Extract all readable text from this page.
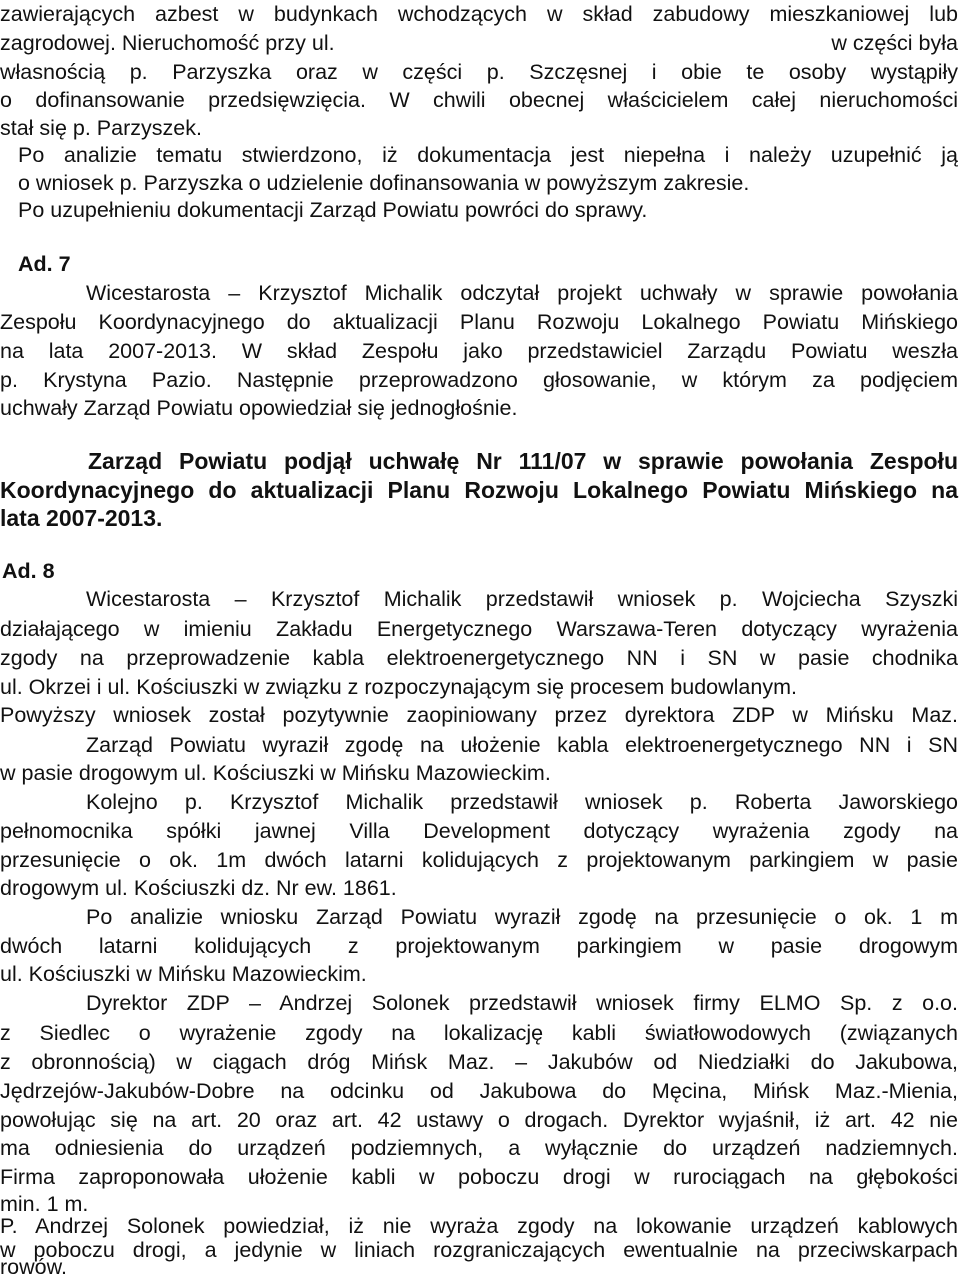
zawierających azbest w budynkach wchodzących w skład zabudowy mieszkaniowej lub
zagrodowej. Nieruchomość przy ul.	w części była
własnością p. Parzyszka oraz w części p. Szczęsnej i obie te osoby wystąpiły
o dofinansowanie przedsięwzięcia. W chwili obecnej właścicielem całej nieruchomości
stał się p. Parzyszek.
Po analizie tematu stwierdzono, iż dokumentacja jest niepełna i należy uzupełnić ją
o wniosek p. Parzyszka o udzielenie dofinansowania w powyższym zakresie.
Po uzupełnieniu dokumentacji Zarząd Powiatu powróci do sprawy.
Ad. 7
Wicestarosta – Krzysztof Michalik odczytał projekt uchwały w sprawie powołania
Zespołu Koordynacyjnego do aktualizacji Planu Rozwoju Lokalnego Powiatu Mińskiego
na lata 2007-2013. W skład Zespołu jako przedstawiciel Zarządu Powiatu weszła
p. Krystyna Pazio. Następnie przeprowadzono głosowanie, w którym za podjęciem
uchwały Zarząd Powiatu opowiedział się jednogłośnie.
Zarząd Powiatu podjął uchwałę Nr 111/07 w sprawie powołania Zespołu
Koordynacyjnego do aktualizacji Planu Rozwoju Lokalnego Powiatu Mińskiego na
lata 2007-2013.
Ad. 8
Wicestarosta – Krzysztof Michalik przedstawił wniosek p. Wojciecha Szyszki
działającego w imieniu Zakładu Energetycznego Warszawa-Teren dotyczący wyrażenia
zgody na przeprowadzenie kabla elektroenergetycznego NN i SN w pasie chodnika
ul. Okrzei i ul. Kościuszki w związku z rozpoczynającym się procesem budowlanym.
Powyższy wniosek został pozytywnie zaopiniowany przez dyrektora ZDP w Mińsku Maz.
Zarząd Powiatu wyraził zgodę na ułożenie kabla elektroenergetycznego NN i SN
w pasie drogowym ul. Kościuszki w Mińsku Mazowieckim.
Kolejno p. Krzysztof Michalik przedstawił wniosek p. Roberta Jaworskiego
pełnomocnika spółki jawnej Villa Development dotyczący wyrażenia zgody na
przesunięcie o ok. 1m dwóch latarni kolidujących z projektowanym parkingiem w pasie
drogowym ul. Kościuszki dz. Nr ew. 1861.
Po analizie wniosku Zarząd Powiatu wyraził zgodę na przesunięcie o ok. 1 m
dwóch latarni kolidujących z projektowanym parkingiem w pasie drogowym
ul. Kościuszki w Mińsku Mazowieckim.
Dyrektor ZDP – Andrzej Solonek przedstawił wniosek firmy ELMO Sp. z o.o.
z Siedlec o wyrażenie zgody na lokalizację kabli światłowodowych (związanych
z obronnością) w ciągach dróg Mińsk Maz. – Jakubów od Niedziałki do Jakubowa,
Jędrzejów-Jakubów-Dobre na odcinku od Jakubowa do Męcina, Mińsk Maz.-Mienia,
powołując się na art. 20 oraz art. 42 ustawy o drogach. Dyrektor wyjaśnił, iż art. 42 nie
ma odniesienia do urządzeń podziemnych, a wyłącznie do urządzeń nadziemnych.
Firma zaproponowała ułożenie kabli w poboczu drogi w rurociągach na głębokości
min. 1 m.
P. Andrzej Solonek powiedział, iż nie wyraża zgody na lokowanie urządzeń kablowych
w poboczu drogi, a jedynie w liniach rozgraniczających ewentualnie na przeciwskarpach
rowów.
